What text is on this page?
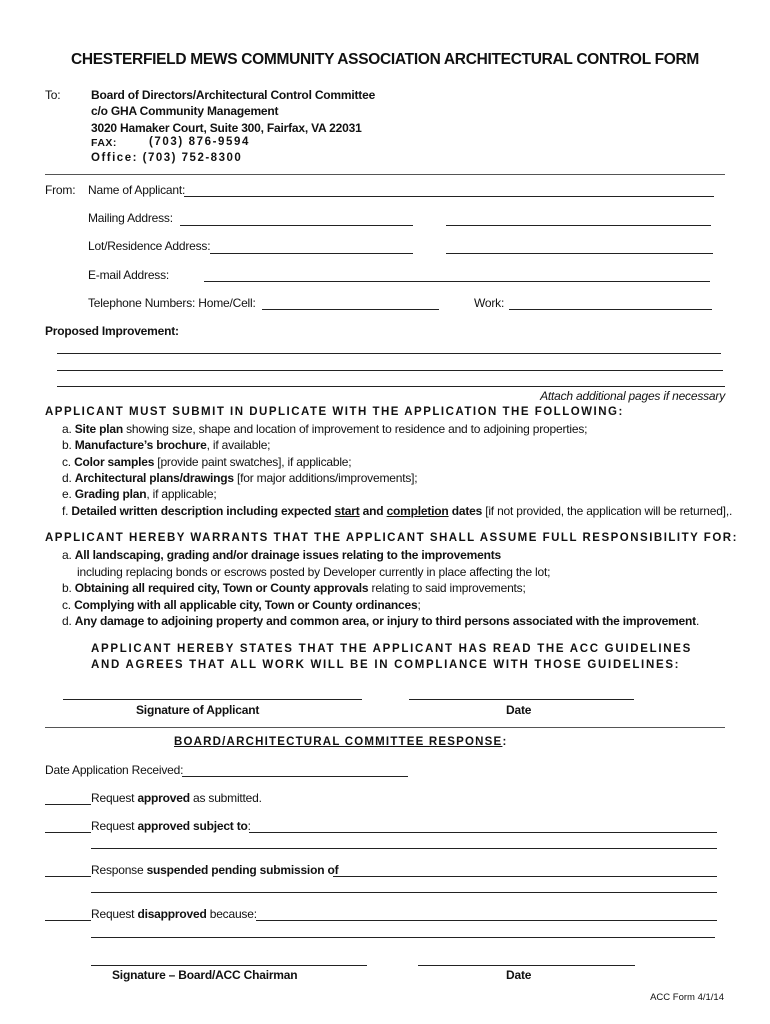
CHESTERFIELD MEWS COMMUNITY ASSOCIATION ARCHITECTURAL CONTROL FORM
To:	Board of Directors/Architectural Control Committee
c/o GHA Community Management
3020 Hamaker Court, Suite 300, Fairfax, VA 22031
FAX:	(703) 876-9594
Office: (703) 752-8300
From: Name of Applicant:
Mailing Address:
Lot/Residence Address:
E-mail Address:
Telephone Numbers: Home/Cell:	Work:
Proposed Improvement:
Attach additional pages if necessary
APPLICANT MUST SUBMIT IN DUPLICATE WITH THE APPLICATION THE FOLLOWING:
a. Site plan showing size, shape and location of improvement to residence and to adjoining properties;
b. Manufacture’s brochure, if available;
c. Color samples [provide paint swatches], if applicable;
d. Architectural plans/drawings [for major additions/improvements];
e. Grading plan, if applicable;
f. Detailed written description including expected start and completion dates [if not provided, the application will be returned],.
APPLICANT HEREBY WARRANTS THAT THE APPLICANT SHALL ASSUME FULL RESPONSIBILITY FOR:
a. All landscaping, grading and/or drainage issues relating to the improvements
including replacing bonds or escrows posted by Developer currently in place affecting the lot;
b. Obtaining all required city, Town or County approvals relating to said improvements;
c. Complying with all applicable city, Town or County ordinances;
d. Any damage to adjoining property and common area, or injury to third persons associated with the improvement.
APPLICANT HEREBY STATES THAT THE APPLICANT HAS READ THE ACC GUIDELINES
AND AGREES THAT ALL WORK WILL BE IN COMPLIANCE WITH THOSE GUIDELINES:
Signature of Applicant	Date
BOARD/ARCHITECTURAL COMMITTEE RESPONSE:
Date Application Received:
Request approved as submitted.
Request approved subject to:
Response suspended pending submission of
Request disapproved because:
Signature – Board/ACC Chairman	Date
ACC Form 4/1/14
